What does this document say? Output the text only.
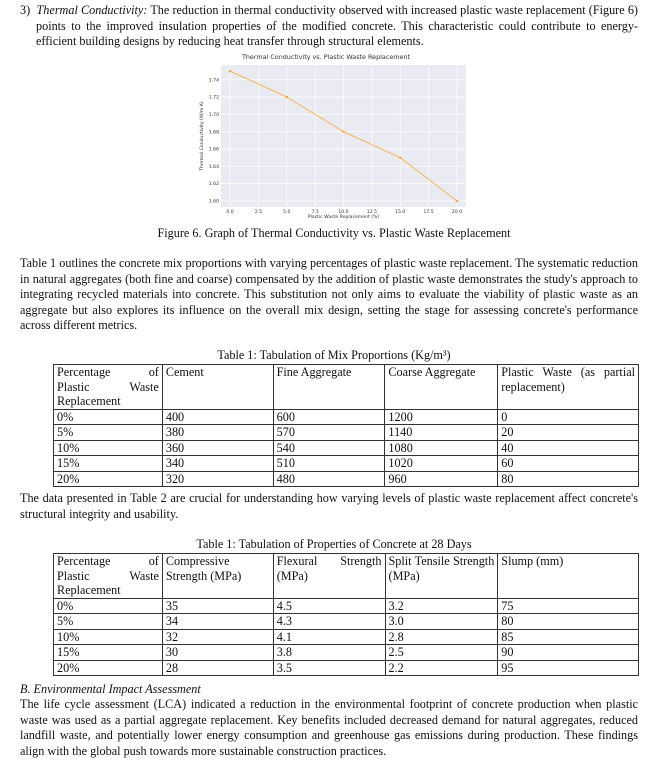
3) Thermal Conductivity: The reduction in thermal conductivity observed with increased plastic waste replacement (Figure 6) points to the improved insulation properties of the modified concrete. This characteristic could contribute to energy-efficient building designs by reducing heat transfer through structural elements.

Thermal Conductivity vs. Plastic Waste Replacement
0.0	2.5	5.0	7.5	10.0	12.5	15.0	17.5	20.0
1.60
1.62
1.64
1.66
1.68
1.70
1.72
1.74
Plastic Waste Replacement (%)
Thermal Conductivity (W/m·K)

Figure 6. Graph of Thermal Conductivity vs. Plastic Waste Replacement

Table 1 outlines the concrete mix proportions with varying percentages of plastic waste replacement. The systematic reduction in natural aggregates (both fine and coarse) compensated by the addition of plastic waste demonstrates the study's approach to integrating recycled materials into concrete. This substitution not only aims to evaluate the viability of plastic waste as an aggregate but also explores its influence on the overall mix design, setting the stage for assessing concrete's performance across different metrics.

Table 1: Tabulation of Mix Proportions (Kg/m³)

Percentage of Plastic Waste Replacement	Cement	Fine Aggregate	Coarse Aggregate	Plastic Waste (as partial replacement)
0%	400	600	1200	0
5%	380	570	1140	20
10%	360	540	1080	40
15%	340	510	1020	60
20%	320	480	960	80

The data presented in Table 2 are crucial for understanding how varying levels of plastic waste replacement affect concrete's structural integrity and usability.

Table 1: Tabulation of Properties of Concrete at 28 Days

Percentage of Plastic Waste Replacement	Compressive Strength (MPa)	Flexural Strength (MPa)	Split Tensile Strength (MPa)	Slump (mm)
0%	35	4.5	3.2	75
5%	34	4.3	3.0	80
10%	32	4.1	2.8	85
15%	30	3.8	2.5	90
20%	28	3.5	2.2	95

B. Environmental Impact Assessment

The life cycle assessment (LCA) indicated a reduction in the environmental footprint of concrete production when plastic waste was used as a partial aggregate replacement. Key benefits included decreased demand for natural aggregates, reduced landfill waste, and potentially lower energy consumption and greenhouse gas emissions during production. These findings align with the global push towards more sustainable construction practices.
